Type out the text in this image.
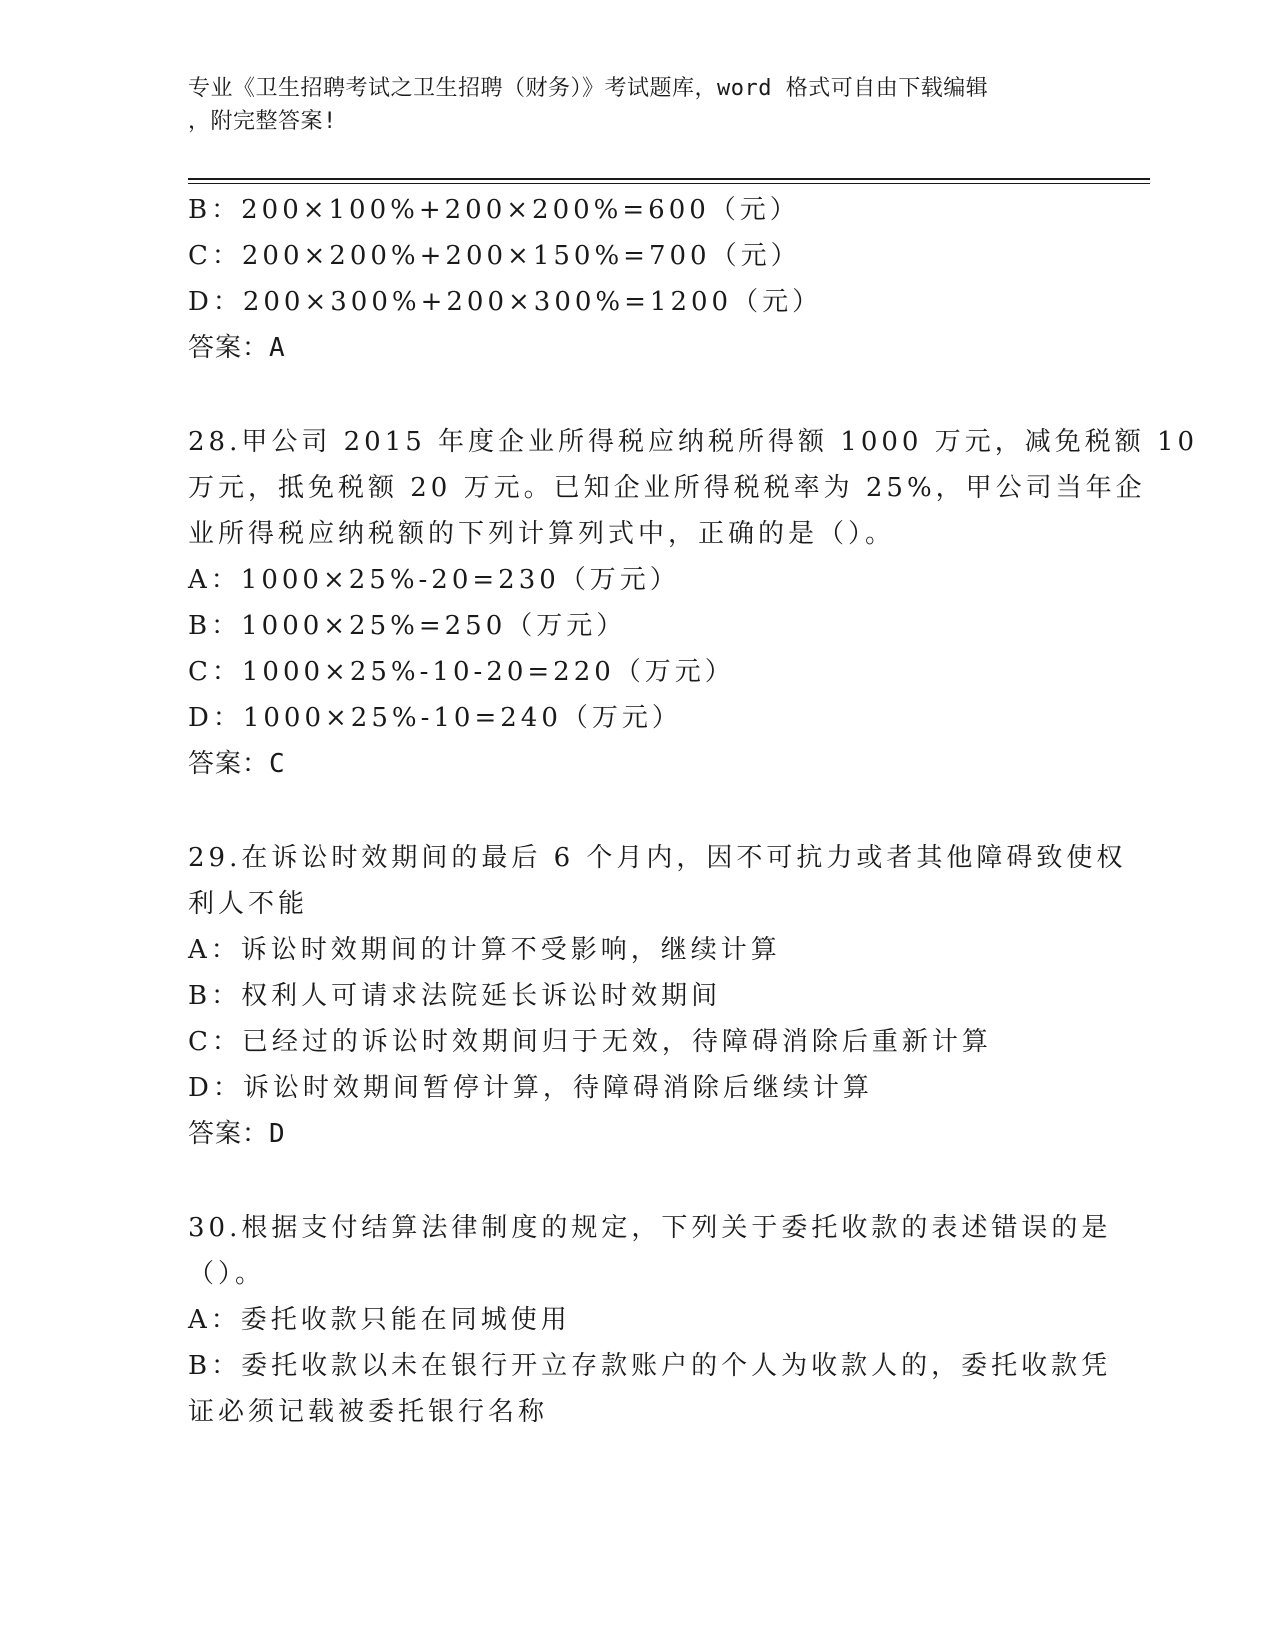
专业《卫生招聘考试之卫生招聘（财务）》考试题库，word 格式可自由下载编辑
，附完整答案!
B：200×100%+200×200%=600（元）
C：200×200%+200×150%=700（元）
D：200×300%+200×300%=1200（元）
答案：A
28.甲公司 2015 年度企业所得税应纳税所得额 1000 万元，减免税额 10
万元，抵免税额 20 万元。已知企业所得税税率为 25%，甲公司当年企
业所得税应纳税额的下列计算列式中，正确的是（）。
A：1000×25%-20=230（万元）
B：1000×25%=250（万元）
C：1000×25%-10-20=220（万元）
D：1000×25%-10=240（万元）
答案：C
29.在诉讼时效期间的最后 6 个月内，因不可抗力或者其他障碍致使权
利人不能
A：诉讼时效期间的计算不受影响，继续计算
B：权利人可请求法院延长诉讼时效期间
C：已经过的诉讼时效期间归于无效，待障碍消除后重新计算
D：诉讼时效期间暂停计算，待障碍消除后继续计算
答案：D
30.根据支付结算法律制度的规定，下列关于委托收款的表述错误的是
（）。
A：委托收款只能在同城使用
B：委托收款以未在银行开立存款账户的个人为收款人的，委托收款凭
证必须记载被委托银行名称
